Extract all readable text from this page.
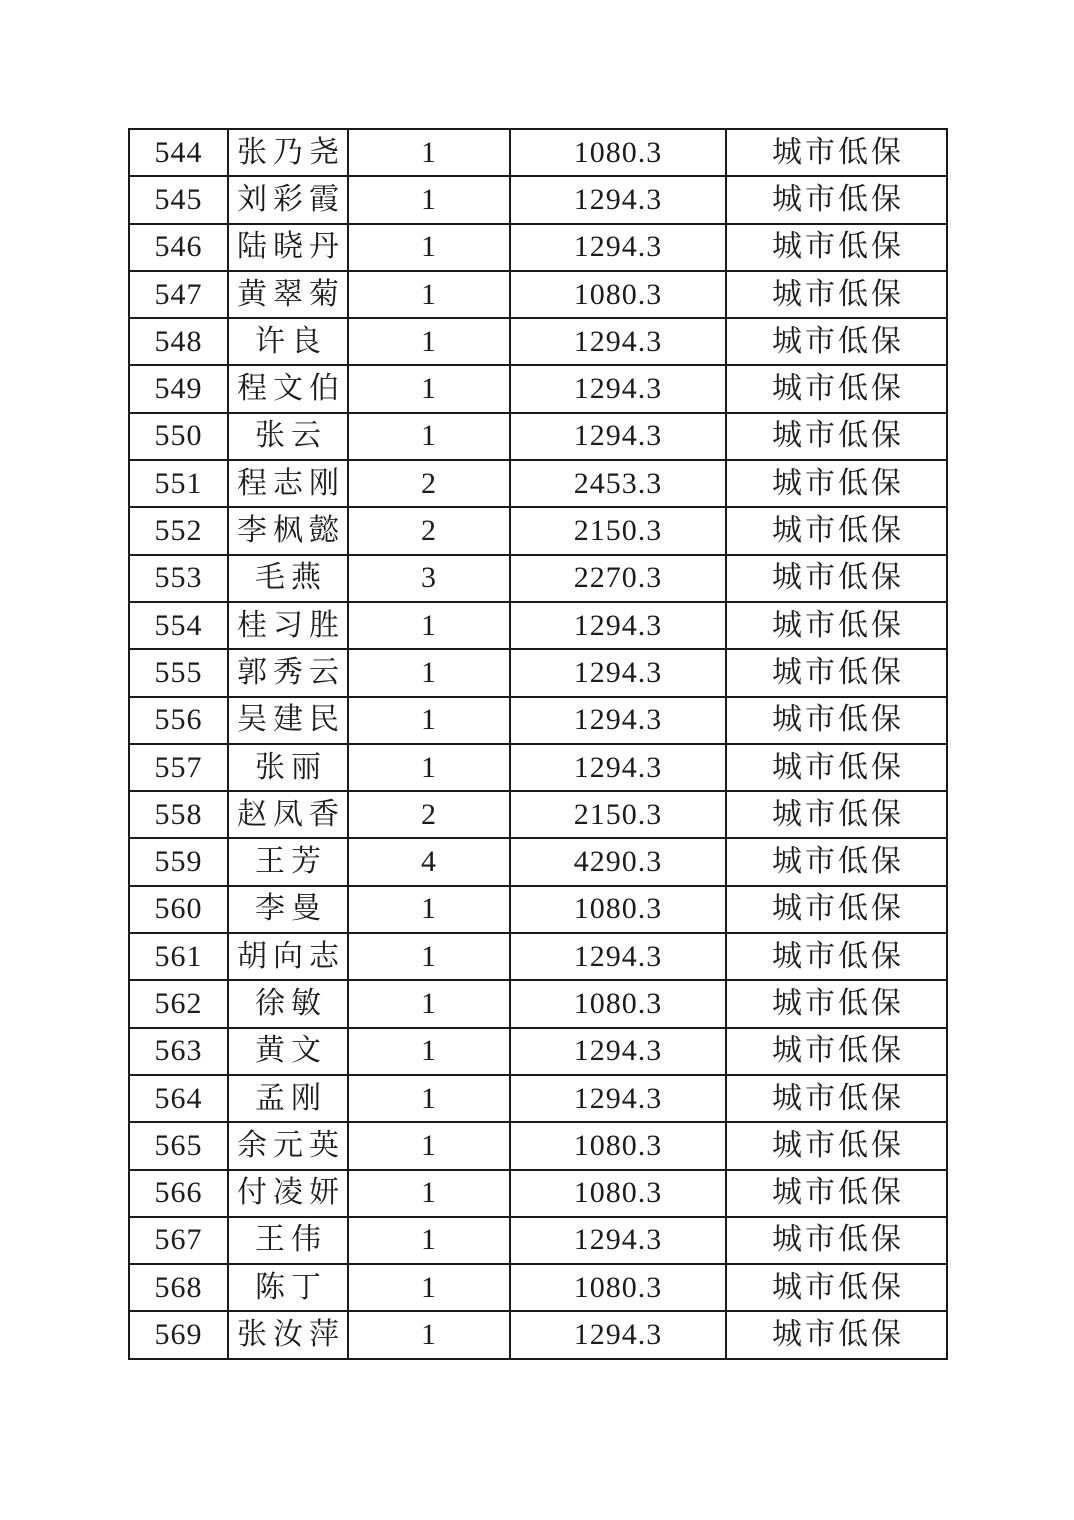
544	张乃尧	1	1080.3	城市低保
545	刘彩霞	1	1294.3	城市低保
546	陆晓丹	1	1294.3	城市低保
547	黄翠菊	1	1080.3	城市低保
548	许良	1	1294.3	城市低保
549	程文伯	1	1294.3	城市低保
550	张云	1	1294.3	城市低保
551	程志刚	2	2453.3	城市低保
552	李枫懿	2	2150.3	城市低保
553	毛燕	3	2270.3	城市低保
554	桂习胜	1	1294.3	城市低保
555	郭秀云	1	1294.3	城市低保
556	吴建民	1	1294.3	城市低保
557	张丽	1	1294.3	城市低保
558	赵凤香	2	2150.3	城市低保
559	王芳	4	4290.3	城市低保
560	李曼	1	1080.3	城市低保
561	胡向志	1	1294.3	城市低保
562	徐敏	1	1080.3	城市低保
563	黄文	1	1294.3	城市低保
564	孟刚	1	1294.3	城市低保
565	余元英	1	1080.3	城市低保
566	付凌妍	1	1080.3	城市低保
567	王伟	1	1294.3	城市低保
568	陈丁	1	1080.3	城市低保
569	张汝萍	1	1294.3	城市低保
